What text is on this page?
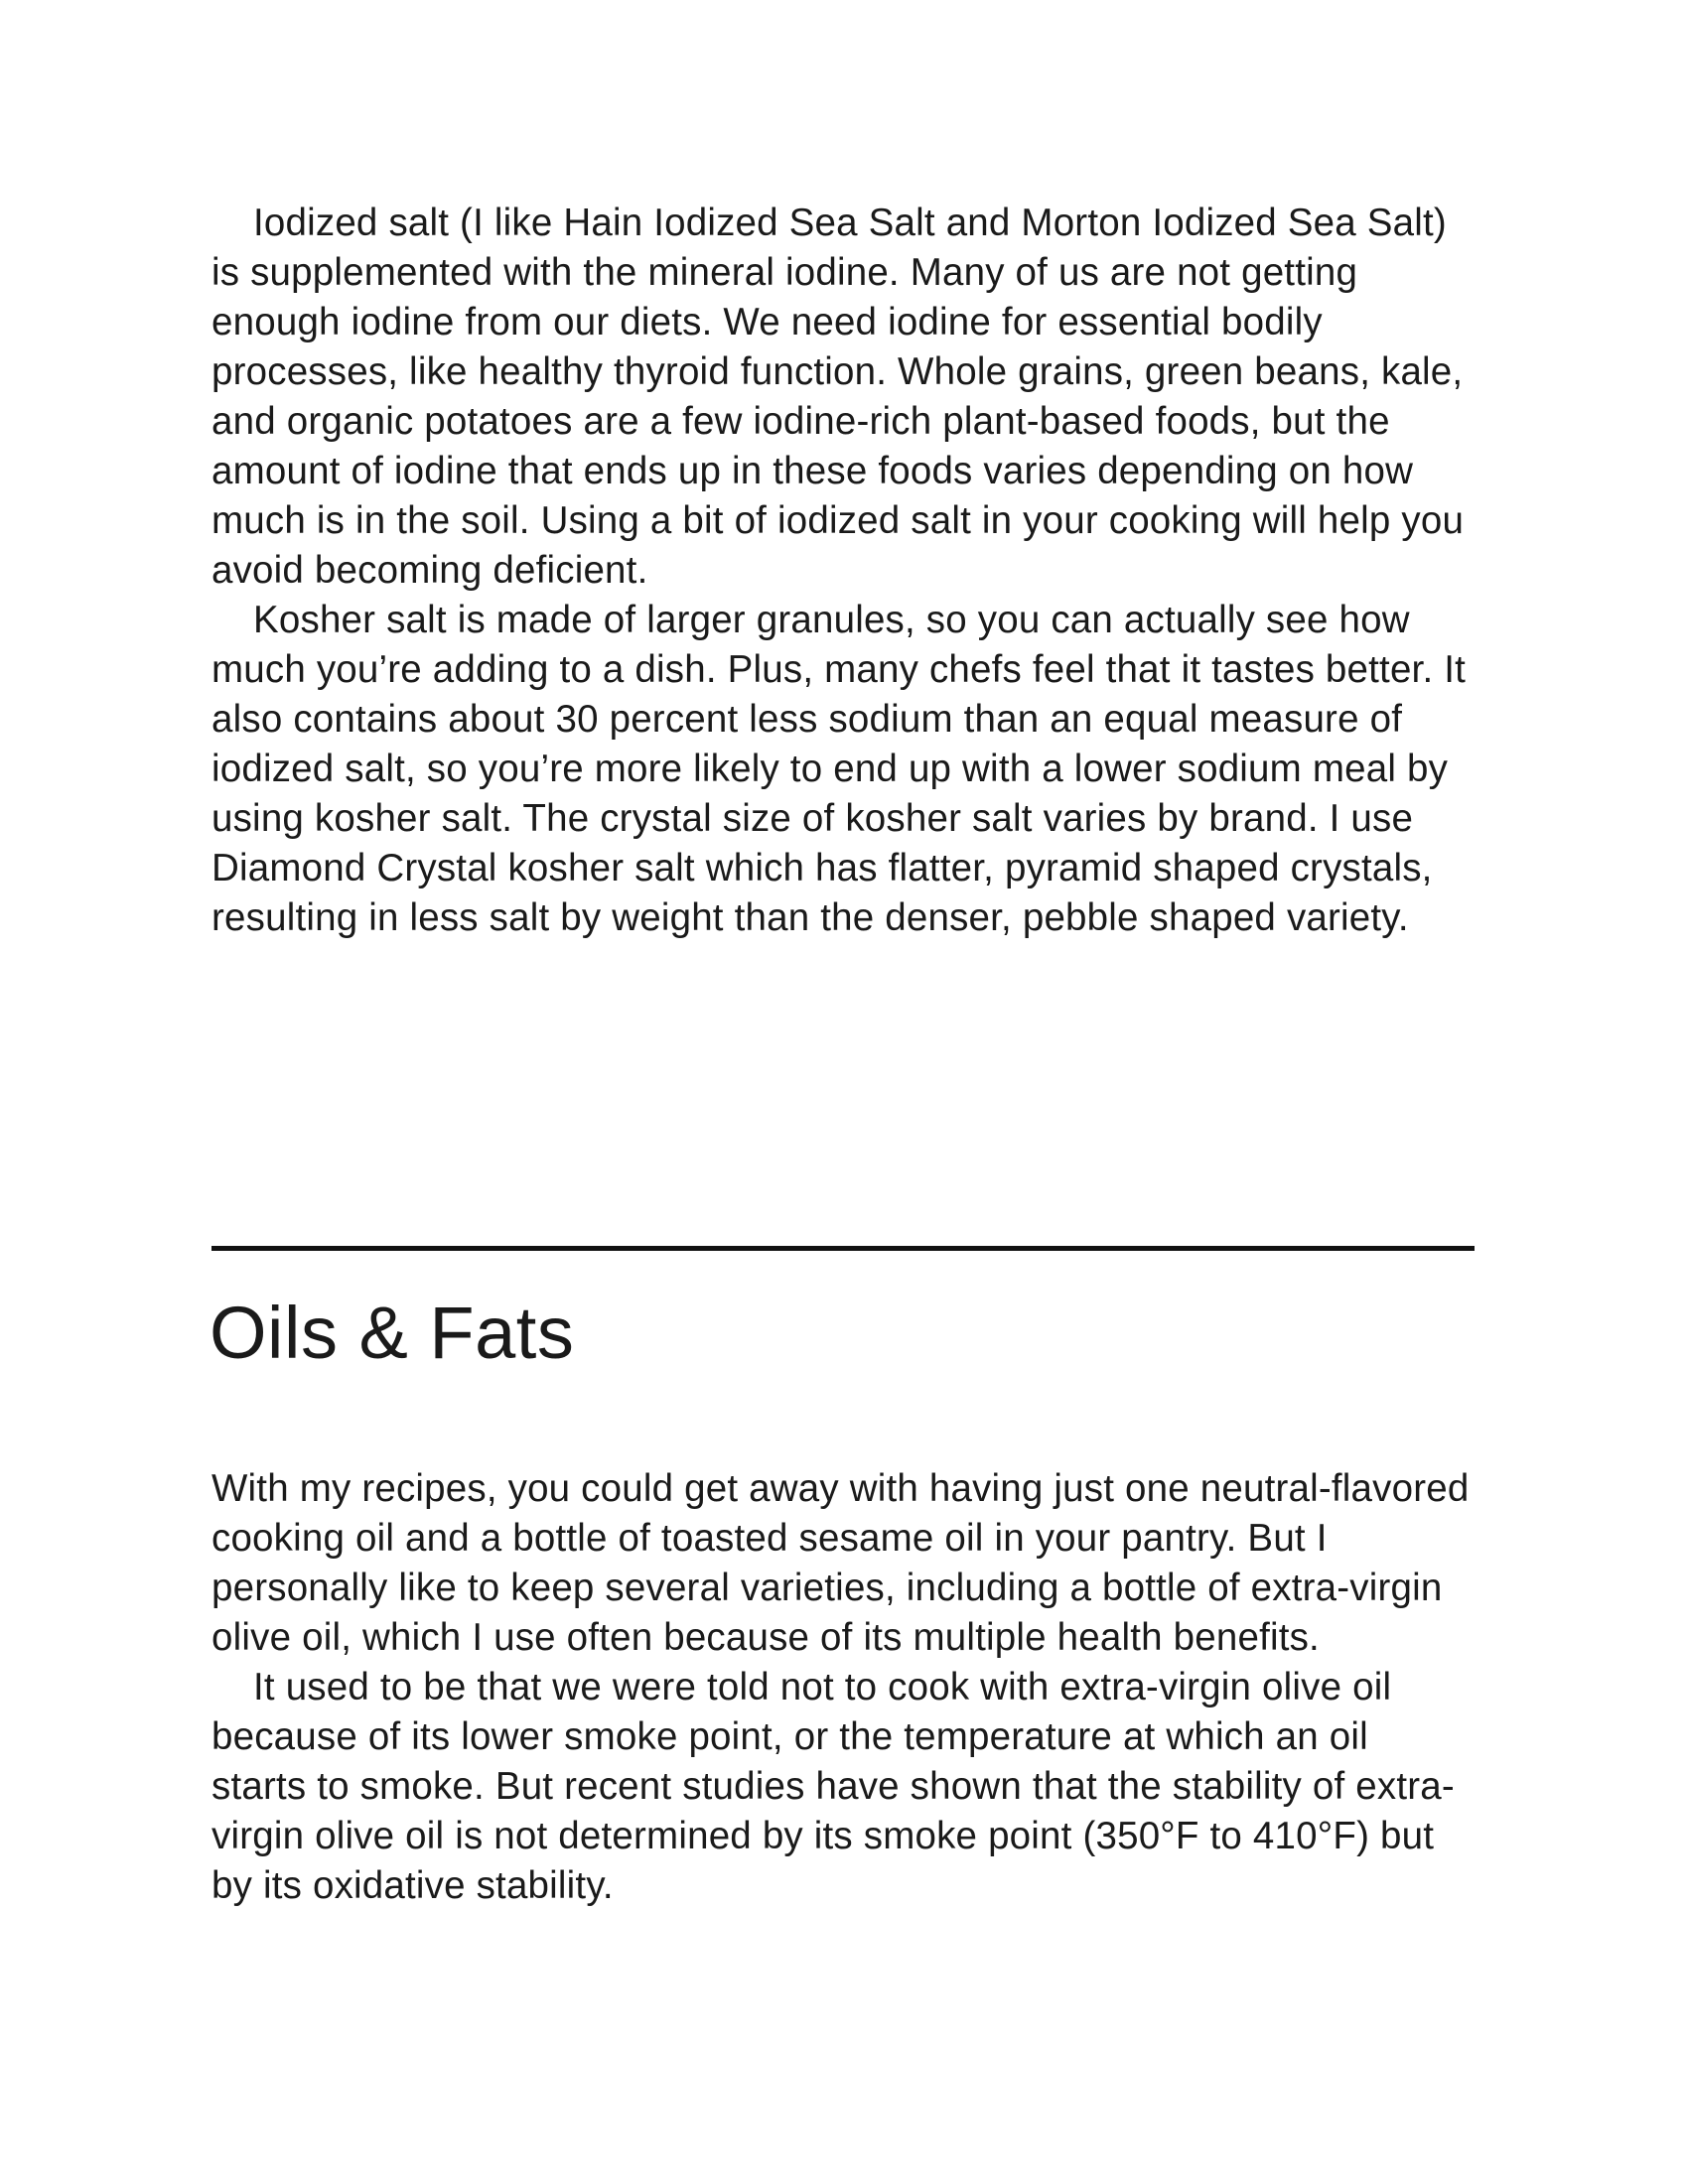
Iodized salt (I like Hain Iodized Sea Salt and Morton Iodized Sea Salt) is supplemented with the mineral iodine. Many of us are not getting enough iodine from our diets. We need iodine for essential bodily processes, like healthy thyroid function. Whole grains, green beans, kale, and organic potatoes are a few iodine-rich plant-based foods, but the amount of iodine that ends up in these foods varies depending on how much is in the soil. Using a bit of iodized salt in your cooking will help you avoid becoming deficient.

Kosher salt is made of larger granules, so you can actually see how much you’re adding to a dish. Plus, many chefs feel that it tastes better. It also contains about 30 percent less sodium than an equal measure of iodized salt, so you’re more likely to end up with a lower sodium meal by using kosher salt. The crystal size of kosher salt varies by brand. I use Diamond Crystal kosher salt which has flatter, pyramid shaped crystals, resulting in less salt by weight than the denser, pebble shaped variety.

Oils & Fats

With my recipes, you could get away with having just one neutral-flavored cooking oil and a bottle of toasted sesame oil in your pantry. But I personally like to keep several varieties, including a bottle of extra-virgin olive oil, which I use often because of its multiple health benefits.

It used to be that we were told not to cook with extra-virgin olive oil because of its lower smoke point, or the temperature at which an oil starts to smoke. But recent studies have shown that the stability of extra-virgin olive oil is not determined by its smoke point (350°F to 410°F) but by its oxidative stability.
